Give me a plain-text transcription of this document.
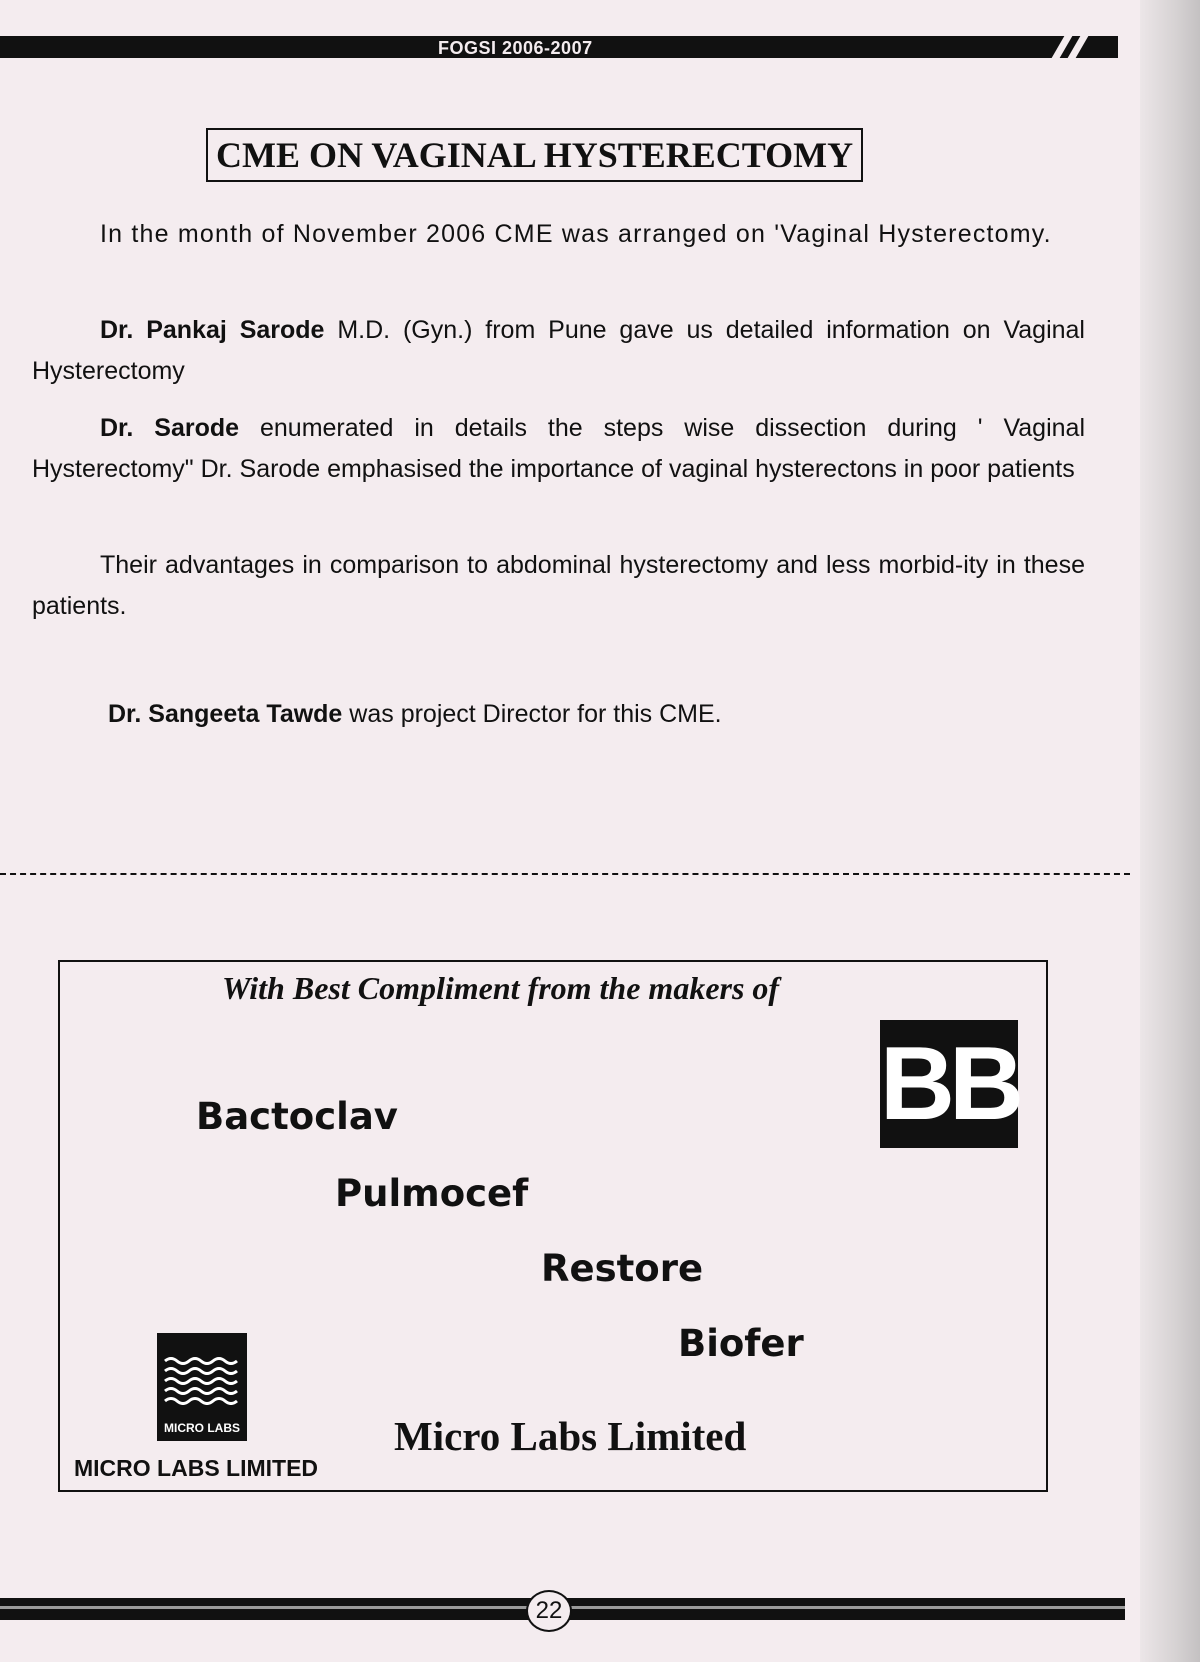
FOGSI 2006-2007
CME ON VAGINAL HYSTERECTOMY

In the month of November 2006 CME was arranged on 'Vaginal Hysterectomy.

Dr. Pankaj Sarode M.D. (Gyn.) from Pune gave us detailed information on Vaginal Hysterectomy

Dr. Sarode enumerated in details the steps wise dissection during ' Vaginal Hysterectomy" Dr. Sarode emphasised the importance of vaginal hysterectons in poor patients

Their advantages in comparison to abdominal hysterectomy and less morbid-ity in these patients.

Dr. Sangeeta Tawde was project Director for this CME.

With Best Compliment from the makers of
BB
Bactoclav
Pulmocef
Restore
Biofer
Micro Labs Limited
MICRO LABS
MICRO LABS LIMITED
22
